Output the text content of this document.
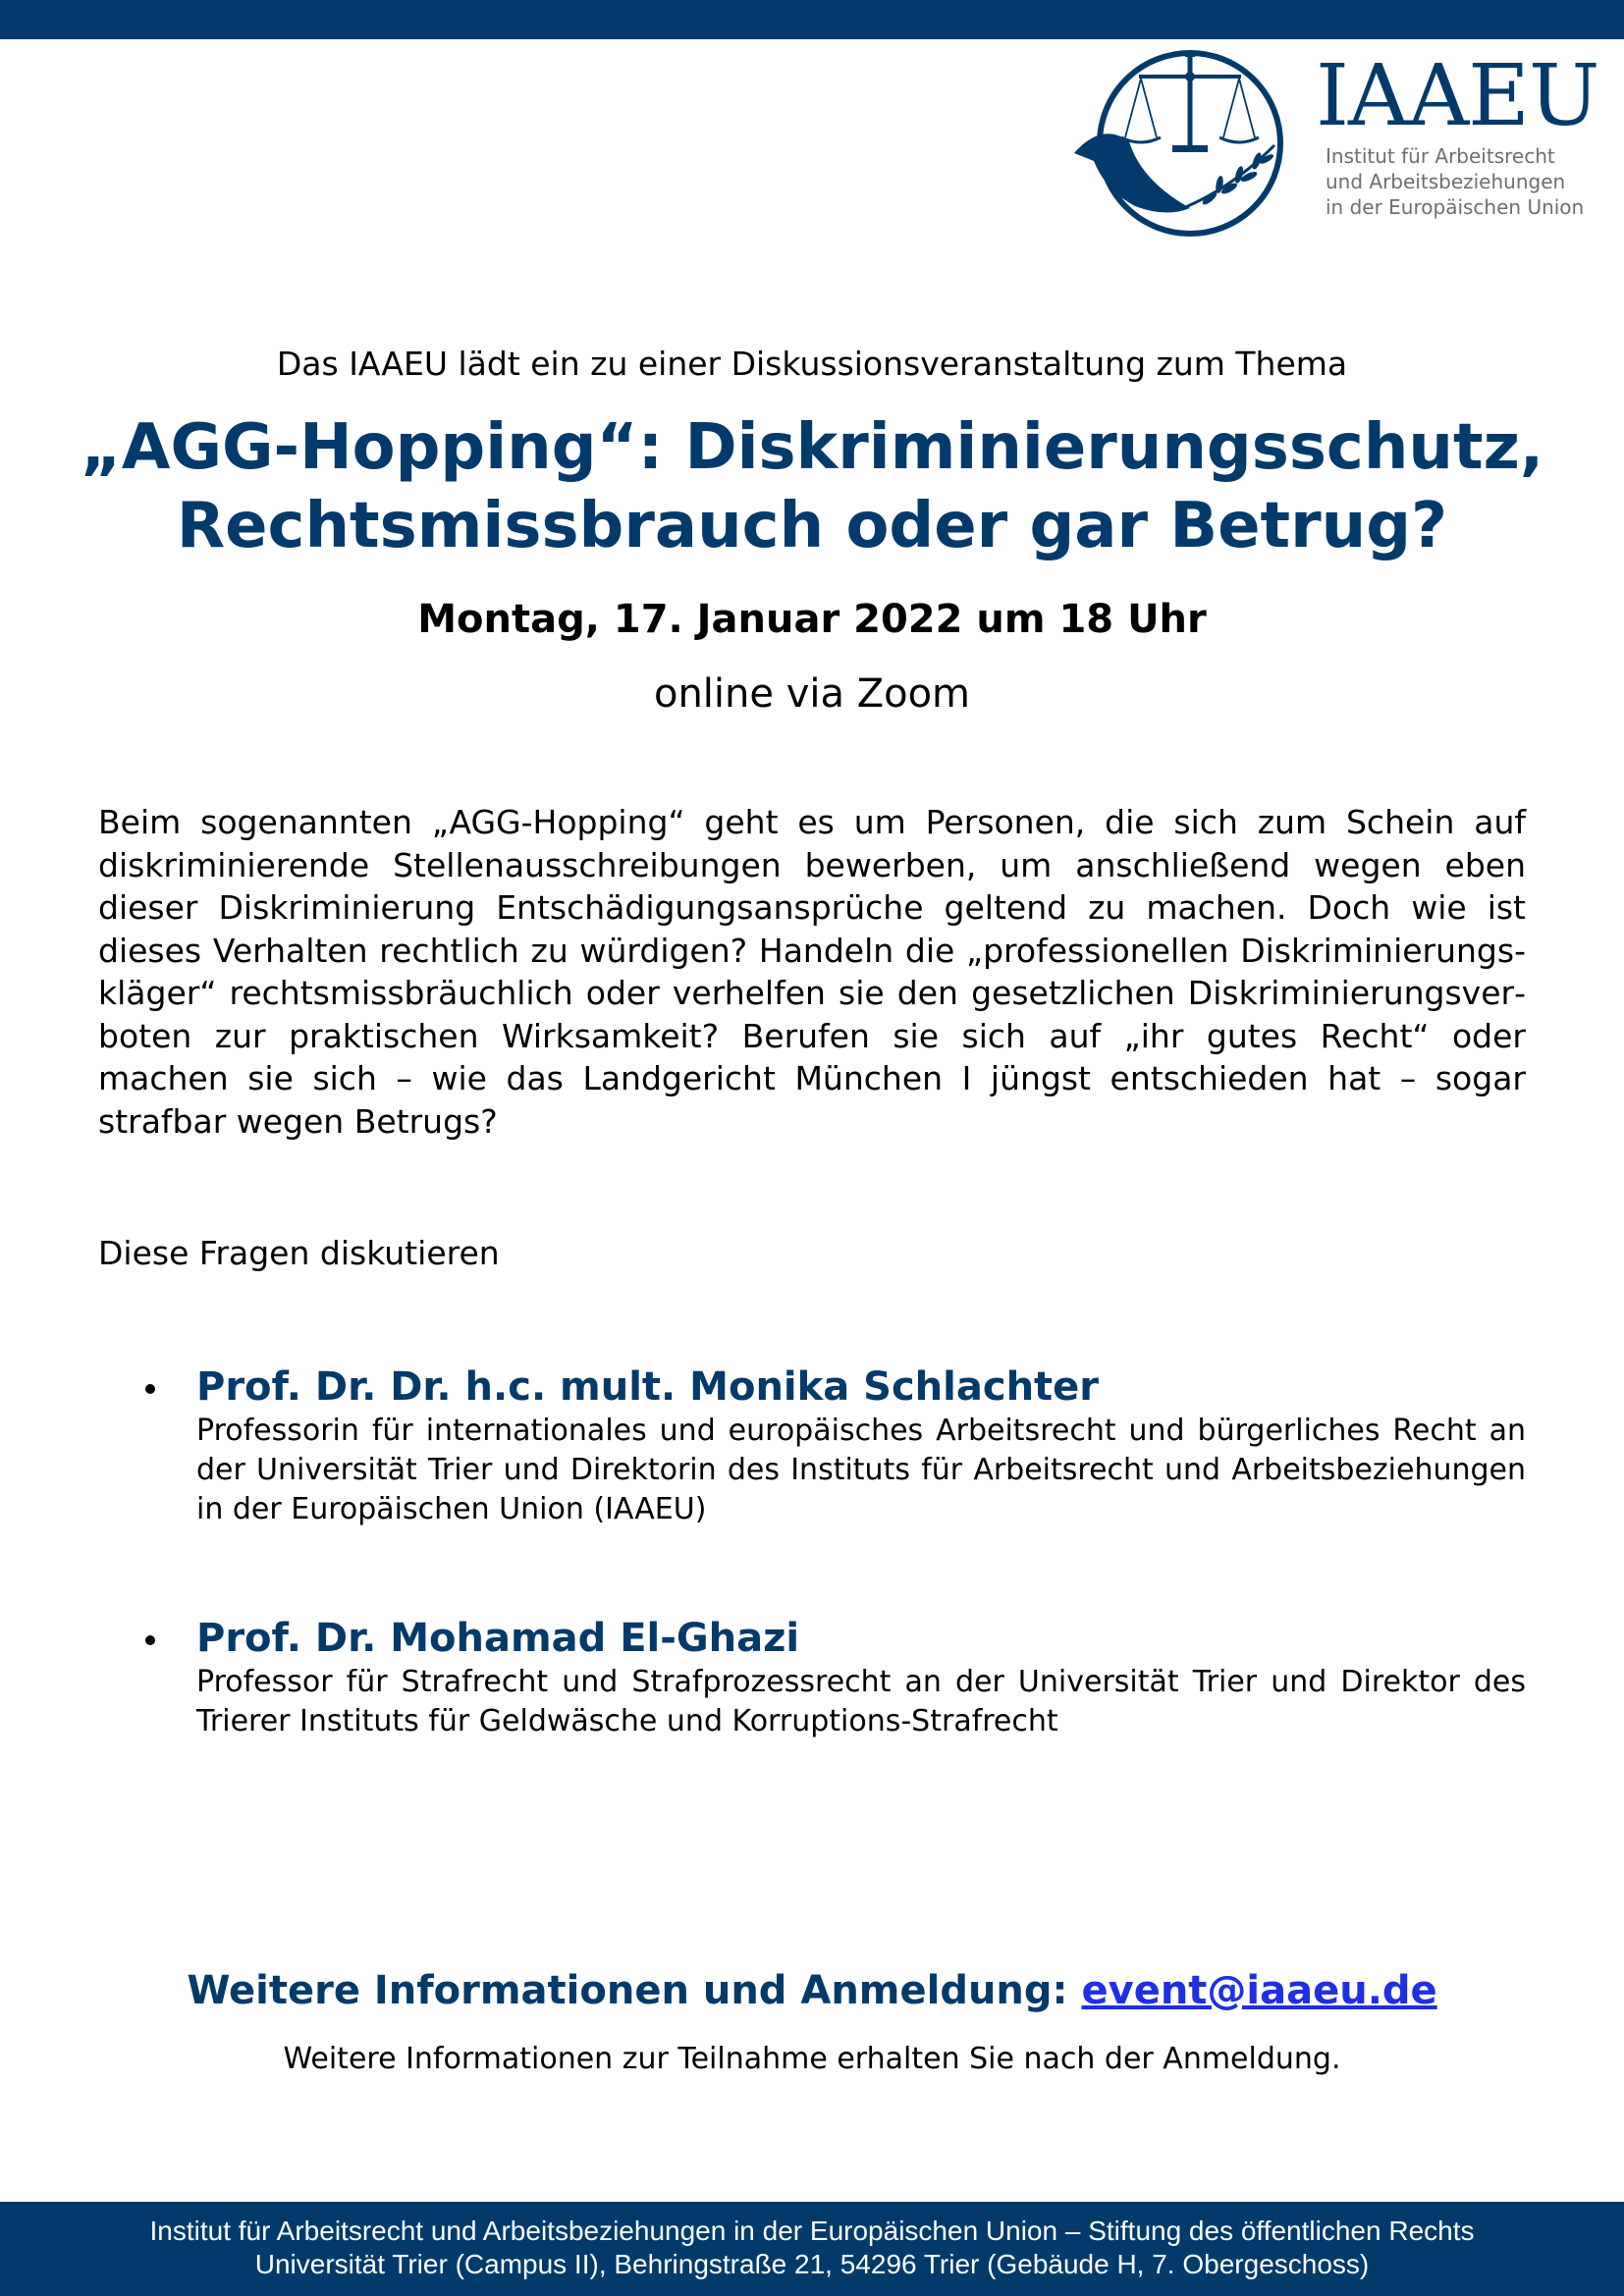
IAAEU
Institut für Arbeitsrecht
und Arbeitsbeziehungen
in der Europäischen Union
Das IAAEU lädt ein zu einer Diskussionsveranstaltung zum Thema
„AGG-Hopping“: Diskriminierungsschutz,
Rechtsmissbrauch oder gar Betrug?
Montag, 17. Januar 2022 um 18 Uhr
online via Zoom
Beim sogenannten „AGG-Hopping“ geht es um Personen, die sich zum Schein auf diskriminierende Stellenausschreibungen bewerben, um anschließend wegen eben dieser Diskriminierung Entschädigungsansprüche geltend zu machen. Doch wie ist dieses Verhalten rechtlich zu würdigen? Handeln die „professionellen Diskriminierungskläger“ rechtsmissbräuchlich oder verhelfen sie den gesetzlichen Diskriminierungsverboten zur praktischen Wirksamkeit? Berufen sie sich auf „ihr gutes Recht“ oder machen sie sich – wie das Landgericht München I jüngst entschieden hat – sogar strafbar wegen Betrugs?
Diese Fragen diskutieren
Prof. Dr. Dr. h.c. mult. Monika Schlachter
Professorin für internationales und europäisches Arbeitsrecht und bürgerliches Recht an der Universität Trier und Direktorin des Instituts für Arbeitsrecht und Arbeitsbeziehungen in der Europäischen Union (IAAEU)
Prof. Dr. Mohamad El-Ghazi
Professor für Strafrecht und Strafprozessrecht an der Universität Trier und Direktor des Trierer Instituts für Geldwäsche und Korruptions-Strafrecht
Weitere Informationen und Anmeldung: event@iaaeu.de
Weitere Informationen zur Teilnahme erhalten Sie nach der Anmeldung.
Institut für Arbeitsrecht und Arbeitsbeziehungen in der Europäischen Union – Stiftung des öffentlichen Rechts
Universität Trier (Campus II), Behringstraße 21, 54296 Trier (Gebäude H, 7. Obergeschoss)
